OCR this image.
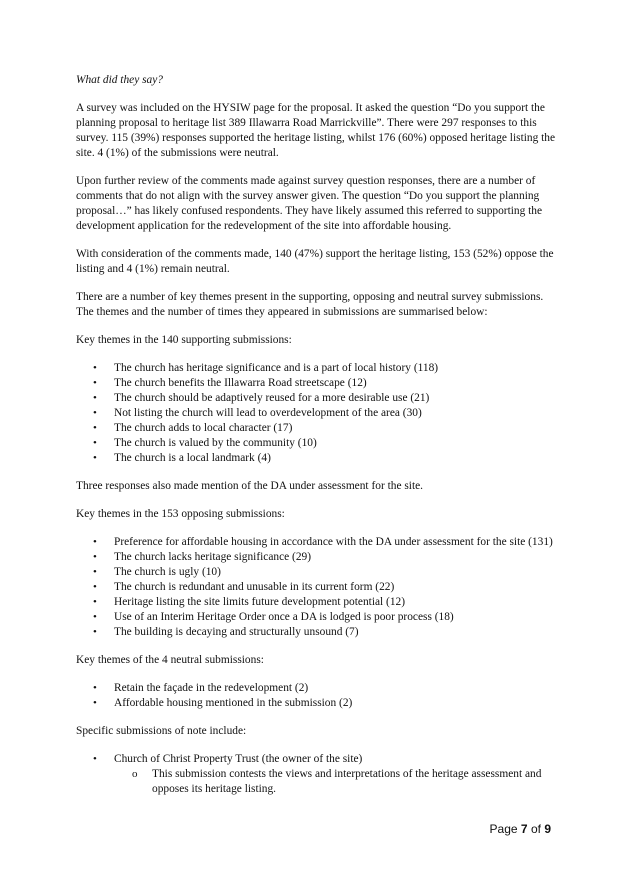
What did they say?

A survey was included on the HYSIW page for the proposal. It asked the question “Do you support the planning proposal to heritage list 389 Illawarra Road Marrickville”. There were 297 responses to this survey. 115 (39%) responses supported the heritage listing, whilst 176 (60%) opposed heritage listing the site. 4 (1%) of the submissions were neutral.

Upon further review of the comments made against survey question responses, there are a number of comments that do not align with the survey answer given. The question “Do you support the planning proposal…” has likely confused respondents. They have likely assumed this referred to supporting the development application for the redevelopment of the site into affordable housing.

With consideration of the comments made, 140 (47%) support the heritage listing, 153 (52%) oppose the listing and 4 (1%) remain neutral.

There are a number of key themes present in the supporting, opposing and neutral survey submissions. The themes and the number of times they appeared in submissions are summarised below:

Key themes in the 140 supporting submissions:

• The church has heritage significance and is a part of local history (118)
• The church benefits the Illawarra Road streetscape (12)
• The church should be adaptively reused for a more desirable use (21)
• Not listing the church will lead to overdevelopment of the area (30)
• The church adds to local character (17)
• The church is valued by the community (10)
• The church is a local landmark (4)

Three responses also made mention of the DA under assessment for the site.

Key themes in the 153 opposing submissions:

• Preference for affordable housing in accordance with the DA under assessment for the site (131)
• The church lacks heritage significance (29)
• The church is ugly (10)
• The church is redundant and unusable in its current form (22)
• Heritage listing the site limits future development potential (12)
• Use of an Interim Heritage Order once a DA is lodged is poor process (18)
• The building is decaying and structurally unsound (7)

Key themes of the 4 neutral submissions:

• Retain the façade in the redevelopment (2)
• Affordable housing mentioned in the submission (2)

Specific submissions of note include:

• Church of Christ Property Trust (the owner of the site)
o This submission contests the views and interpretations of the heritage assessment and opposes its heritage listing.
Page 7 of 9
